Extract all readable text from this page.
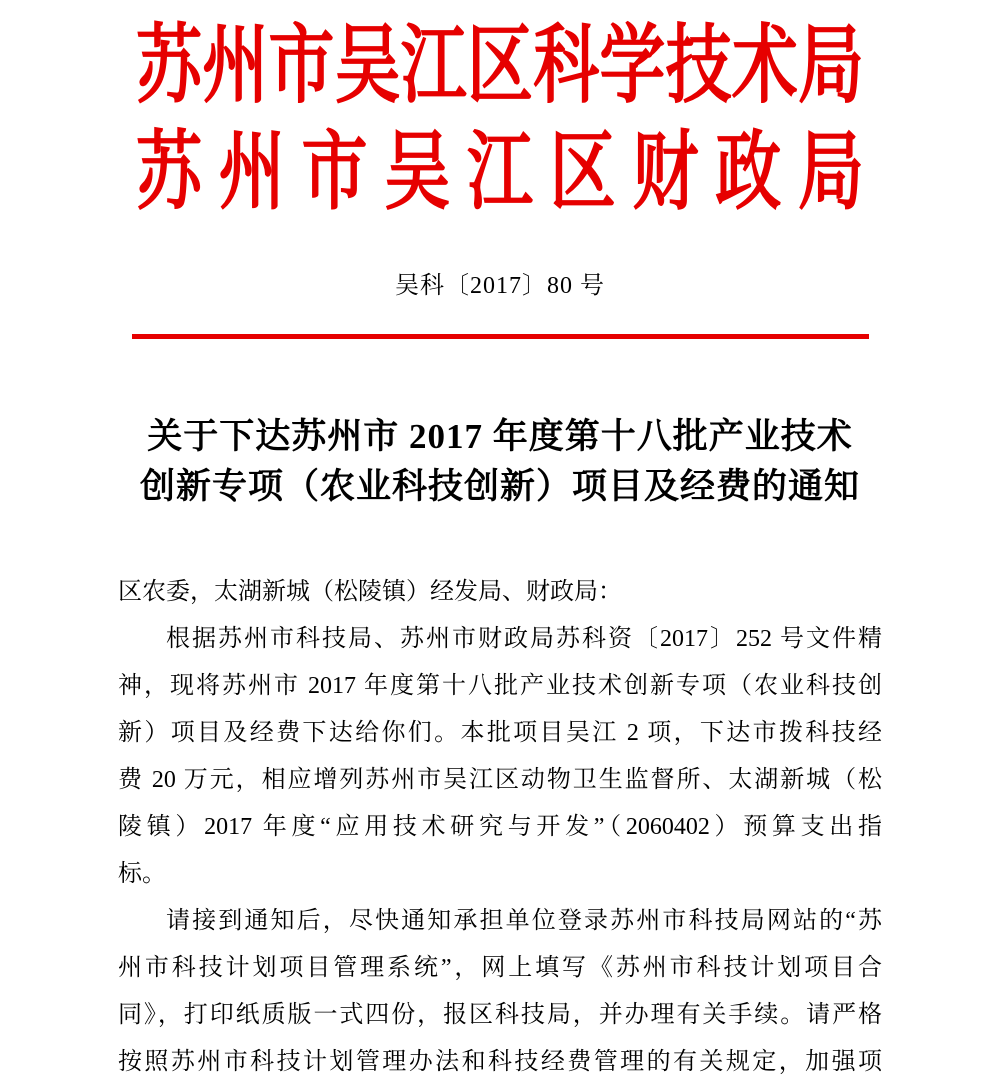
苏州市吴江区科学技术局
苏州市吴江区财政局
吴科〔2017〕80 号
关于下达苏州市 2017 年度第十八批产业技术
创新专项（农业科技创新）项目及经费的通知
区农委，太湖新城（松陵镇）经发局、财政局：
根据苏州市科技局、苏州市财政局苏科资〔2017〕252 号文件精
神，现将苏州市 2017 年度第十八批产业技术创新专项（农业科技创
新）项目及经费下达给你们。本批项目吴江 2 项，下达市拨科技经
费 20 万元，相应增列苏州市吴江区动物卫生监督所、太湖新城（松
陵镇）2017 年度“应用技术研究与开发”（2060402）预算支出指
标。
请接到通知后，尽快通知承担单位登录苏州市科技局网站的“苏
州市科技计划项目管理系统”，网上填写《苏州市科技计划项目合
同》，打印纸质版一式四份，报区科技局，并办理有关手续。请严格
按照苏州市科技计划管理办法和科技经费管理的有关规定，加强项
